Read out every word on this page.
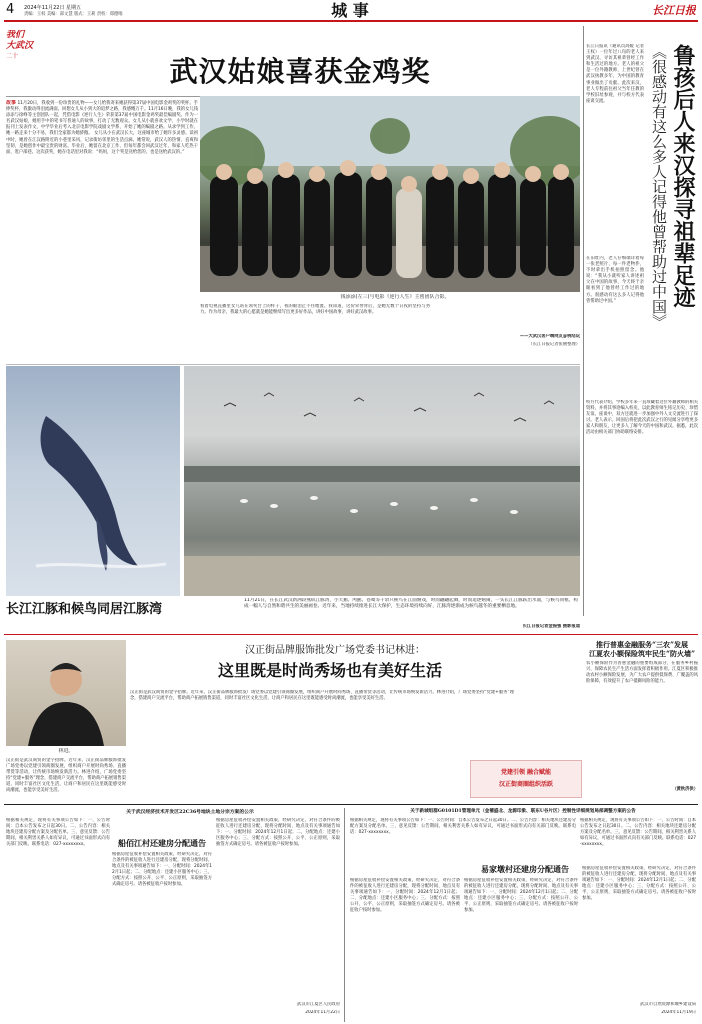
4	2024年11月22日 星期五
责编：王权 美编：部文慧 版式：王莉 责校：郑德唯	城 事	长江日报
我们
大武汉
二十	武汉姑娘喜获金鸡奖
故事 11月20日，我收到一份珍贵的礼物——女儿给我寄来她获得第37届中国电影金鸡奖的奖杯。手捧奖杯，我激动得泪流满面。回想女儿从小到大的追梦之路，我感慨万千。11月16日晚，我的女儿钱添添与徐峥等主创团队一起，凭借电影《逆行人生》荣获第37届中国电影金鸡奖最佳编剧奖。作为一名武汉姑娘，她用手中的笔书写普通人的故事，打动了无数观众。女儿从小就喜欢文学，小学时就在报刊上发表作文，中学毕业后考入北京电影学院戏剧文学系，开始了她的编剧之路。从求学到工作，她一路走来十分不易，我们全家都为她骄傲。 女儿从小在武汉长大，这座城市给了她许多灵感。读初中时，她曾在江汉路附近的小巷里采风，记录街坊邻里的生活点滴。她常说，武汉人的热情、直爽和坚韧，是她创作中最宝贵的财富。毕业后，她留在北京工作，但每年都会回武汉过年，和家人吃热干面、逛户部巷。这次获奖，她在电话里对我说：“妈妈，这个奖是送给您的，也是送给武汉的。”
钱添添(左三)与电影《逆行人生》主创团队合影。
看着电视直播里女儿站在领奖台上的样子，我的眼泪止不住地流。我知道，这份荣誉背后，是她无数个日夜的坚持与努力。作为母亲，我最大的心愿就是她能继续写出更多好作品，讲好中国故事，讲好武汉故事。
——大武汉客户端网友@桃结玩
（长江日报记者张丽整理）
长江日报讯（通讯员高媛 记者王权）一位年过八旬的老人来到武汉，寻访其祖辈曾经工作和生活过的地方。老人的祖父是一位外籍教师，上世纪曾在武汉执教多年，为中国的教育事业做出了贡献。此次来汉，老人专程前往祖父当年任教的学校旧址参观，并与校方代表座谈交流。	《很感动有这么多人记得他曾帮助过中国》 鲁孩后人来汉探寻祖辈足迹
在旧址内，老人仔细端详着每一张老照片、每一件老物件，不时拿出手机拍照留念。他说：“我从小就听家人讲述祖父在中国的故事，今天终于亲眼看到了他曾经工作过的地方。很感动有这么多人记得他曾帮助过中国。”
校方代表介绍，学校多年来一直珍藏着这位外籍教师的相关资料，并将其事迹编入校史，以此教育师生铭记历史、珍惜友谊。座谈中，双方还就进一步加强中外人文交流进行了探讨。老人表示，回国后将把此次武汉之行的见闻分享给更多家人和朋友，让更多人了解今天的中国和武汉。据悉，此次活动由相关部门协助联络安排。
长江江豚和候鸟同居江豚湾
11月21日，在长江武汉新洲段燕矶江豚湾，小天鹅、鸬鹚、苍鹭等千余只候鸟在江面嬉戏，时而翩翩起舞，时而追逐嬉闹，一头长江江豚跃出水面，与候鸟同框，构成一幅人与自然和谐共生的美丽画卷。近年来，当地持续推进长江大保护，生态环境持续向好，江豚湾逐渐成为候鸟越冬的重要栖息地。
长江日报记者金振强 摄影报道
汉正街品牌服饰批发广场党委书记林进：
这里既是时尚秀场也有美好生活
林进。
汉正街是武汉商贸的金字招牌。近年来，汉正街品牌服饰批发广场党委以党建引领商圈发展，组织商户开展时尚秀场、直播带货等活动，让传统市场焕发新活力。林进介绍，广场党委坚持“党建+服务”理念，搭建商户交流平台，帮助商户拓展销售渠道，同时丰富社区文化生活，让商户和居民在这里既能感受时尚潮流，也能享受美好生活。
汉正街是武汉商贸的金字招牌。近年来，汉正街品牌服饰批发广场党委以党建引领商圈发展，组织商户开展时尚秀场、直播带货等活动，让传统市场焕发新活力。林进介绍，广场党委坚持“党建+服务”理念，搭建商户交流平台，帮助商户拓展销售渠道，同时丰富社区文化生活，让商户和居民在这里既能感受时尚潮流，也能享受美好生活。
党建引领 融合赋能
汉正街商圈组织活跃
推行普惠金融服务“三农”发展
江夏农小额保险筑牢民生“防火墙”
农小额保险作为普惠金融的重要组成部分，在服务乡村振兴、保障农民生产生活方面发挥着积极作用。江夏区积极推动农村小额保险发展，为广大农户提供低保费、广覆盖的风险保障，有效提升了农户抵御风险的能力。
（黄秋济供）
关于武汉经济技术开发区22C36号地块土地分宗方案的公示
根据相关规定，现将有关事项公告如下：一、公告时间：自本公告发布之日起30日。二、公告内容：相关地块还建房分配方案及分配名单。三、意见反馈：公告期间，相关利害关系人如有异议，可通过书面形式向有关部门反映。联系电话：027-xxxxxxxx。	船佰江村还建房分配通告
根据房屋征收补偿安置相关政策，经研究决定，对符合条件的被征收人进行还建房分配，现将分配时间、地点及有关事项通告如下：一、分配时间：2024年12月1日起；二、分配地点：还建小区服务中心；三、分配方式：按照公开、公平、公正原则，采取抽签方式确定房号。请各被征收户按时参加。
根据房屋征收补偿安置相关政策，经研究决定，对符合条件的被征收人进行还建房分配，现将分配时间、地点及有关事项通告如下：一、分配时间：2024年12月1日起；二、分配地点：还建小区服务中心；三、分配方式：按照公开、公平、公正原则，采取抽签方式确定房号。请各被征收户按时参加。
武汉市江夏区人民政府
2024年11月22日
关于新城组群G0101D1管理单元（金禧盛北、龙源印象、联东U谷片区）控制性详细规划局部调整方案的公告
根据相关规定，现将有关事项公告如下：一、公告时间：自本公告发布之日起30日。二、公告内容：相关地块还建房分配方案及分配名单。三、意见反馈：公告期间，相关利害关系人如有异议，可通过书面形式向有关部门反映。联系电话：027-xxxxxxxx。
根据相关规定，现将有关事项公告如下：一、公告时间：自本公告发布之日起30日。二、公告内容：相关地块还建房分配方案及分配名单。三、意见反馈：公告期间，相关利害关系人如有异议，可通过书面形式向有关部门反映。联系电话：027-xxxxxxxx。
易家墩村还建房分配通告
根据房屋征收补偿安置相关政策，经研究决定，对符合条件的被征收人进行还建房分配，现将分配时间、地点及有关事项通告如下：一、分配时间：2024年12月1日起；二、分配地点：还建小区服务中心；三、分配方式：按照公开、公平、公正原则，采取抽签方式确定房号。请各被征收户按时参加。
根据房屋征收补偿安置相关政策，经研究决定，对符合条件的被征收人进行还建房分配，现将分配时间、地点及有关事项通告如下：一、分配时间：2024年12月1日起；二、分配地点：还建小区服务中心；三、分配方式：按照公开、公平、公正原则，采取抽签方式确定房号。请各被征收户按时参加。
根据房屋征收补偿安置相关政策，经研究决定，对符合条件的被征收人进行还建房分配，现将分配时间、地点及有关事项通告如下：一、分配时间：2024年12月1日起；二、分配地点：还建小区服务中心；三、分配方式：按照公开、公平、公正原则，采取抽签方式确定房号。请各被征收户按时参加。
武汉市自然资源和城乡建设局
2024年11月19日
